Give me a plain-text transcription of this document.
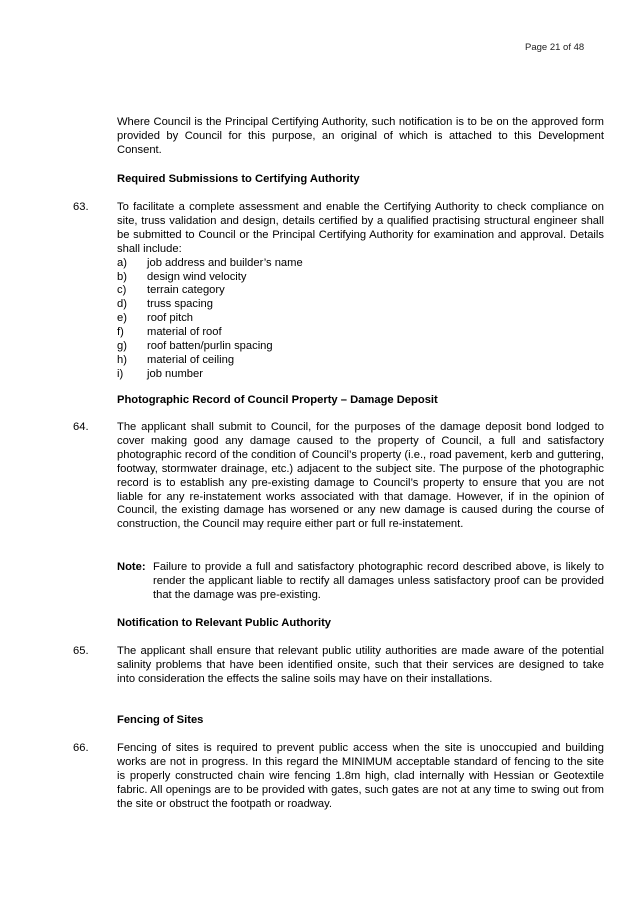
Page 21 of 48
Where Council is the Principal Certifying Authority, such notification is to be on the approved form provided by Council for this purpose, an original of which is attached to this Development Consent.
Required Submissions to Certifying Authority
63.	To facilitate a complete assessment and enable the Certifying Authority to check compliance on site, truss validation and design, details certified by a qualified practising structural engineer shall be submitted to Council or the Principal Certifying Authority for examination and approval. Details shall include:
a) job address and builder’s name
b) design wind velocity
c) terrain category
d) truss spacing
e) roof pitch
f) material of roof
g) roof batten/purlin spacing
h) material of ceiling
i) job number
Photographic Record of Council Property – Damage Deposit
64.	The applicant shall submit to Council, for the purposes of the damage deposit bond lodged to cover making good any damage caused to the property of Council, a full and satisfactory photographic record of the condition of Council’s property (i.e., road pavement, kerb and guttering, footway, stormwater drainage, etc.) adjacent to the subject site. The purpose of the photographic record is to establish any pre-existing damage to Council’s property to ensure that you are not liable for any re-instatement works associated with that damage. However, if in the opinion of Council, the existing damage has worsened or any new damage is caused during the course of construction, the Council may require either part or full re-instatement.
Note: Failure to provide a full and satisfactory photographic record described above, is likely to render the applicant liable to rectify all damages unless satisfactory proof can be provided that the damage was pre-existing.
Notification to Relevant Public Authority
65.	The applicant shall ensure that relevant public utility authorities are made aware of the potential salinity problems that have been identified onsite, such that their services are designed to take into consideration the effects the saline soils may have on their installations.
Fencing of Sites
66.	Fencing of sites is required to prevent public access when the site is unoccupied and building works are not in progress. In this regard the MINIMUM acceptable standard of fencing to the site is properly constructed chain wire fencing 1.8m high, clad internally with Hessian or Geotextile fabric. All openings are to be provided with gates, such gates are not at any time to swing out from the site or obstruct the footpath or roadway.
